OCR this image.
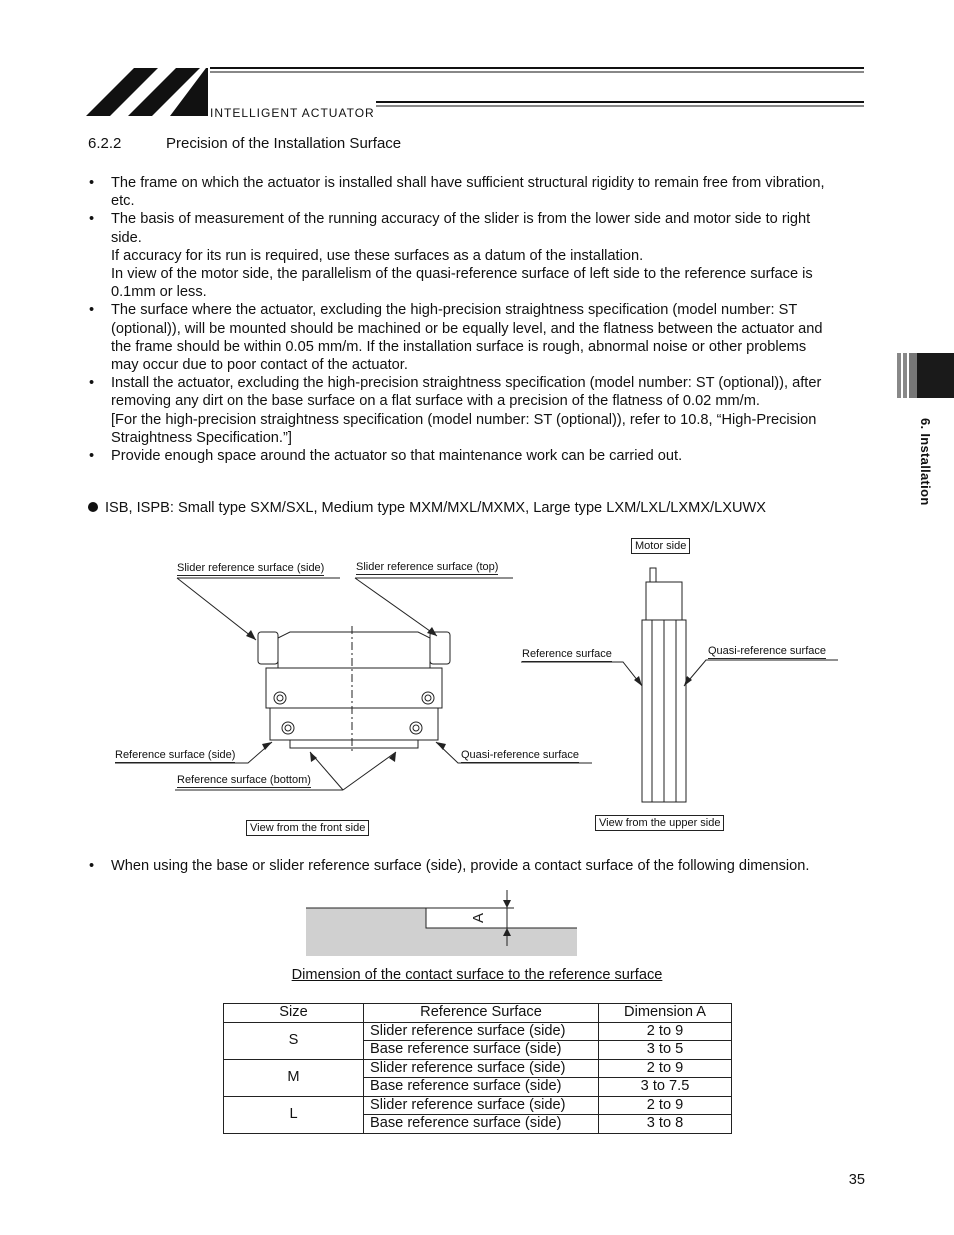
INTELLIGENT ACTUATOR
6.2.2	Precision of the Installation Surface
• The frame on which the actuator is installed shall have sufficient structural rigidity to remain free from vibration,
etc.
• The basis of measurement of the running accuracy of the slider is from the lower side and motor side to right
side.
If accuracy for its run is required, use these surfaces as a datum of the installation.
In view of the motor side, the parallelism of the quasi-reference surface of left side to the reference surface is
0.1mm or less.
• The surface where the actuator, excluding the high-precision straightness specification (model number: ST
(optional)), will be mounted should be machined or be equally level, and the flatness between the actuator and
the frame should be within 0.05 mm/m. If the installation surface is rough, abnormal noise or other problems
may occur due to poor contact of the actuator.
• Install the actuator, excluding the high-precision straightness specification (model number: ST (optional)), after
removing any dirt on the base surface on a flat surface with a precision of the flatness of 0.02 mm/m.
[For the high-precision straightness specification (model number: ST (optional)), refer to 10.8, “High-Precision
Straightness Specification.”]
• Provide enough space around the actuator so that maintenance work can be carried out.
ISB, ISPB: Small type SXM/SXL, Medium type MXM/MXL/MXMX, Large type LXM/LXL/LXMX/LXUWX
Slider reference surface (side)	Slider reference surface (top)
Reference surface (side)	Quasi-reference surface
Reference surface (bottom)
View from the front side
Motor side
Reference surface	Quasi-reference surface
View from the upper side
• When using the base or slider reference surface (side), provide a contact surface of the following dimension.
A
Dimension of the contact surface to the reference surface
Size	Reference Surface	Dimension A
S	Slider reference surface (side)	2 to 9
	Base reference surface (side)	3 to 5
M	Slider reference surface (side)	2 to 9
	Base reference surface (side)	3 to 7.5
L	Slider reference surface (side)	2 to 9
	Base reference surface (side)	3 to 8
6. Installation
35
